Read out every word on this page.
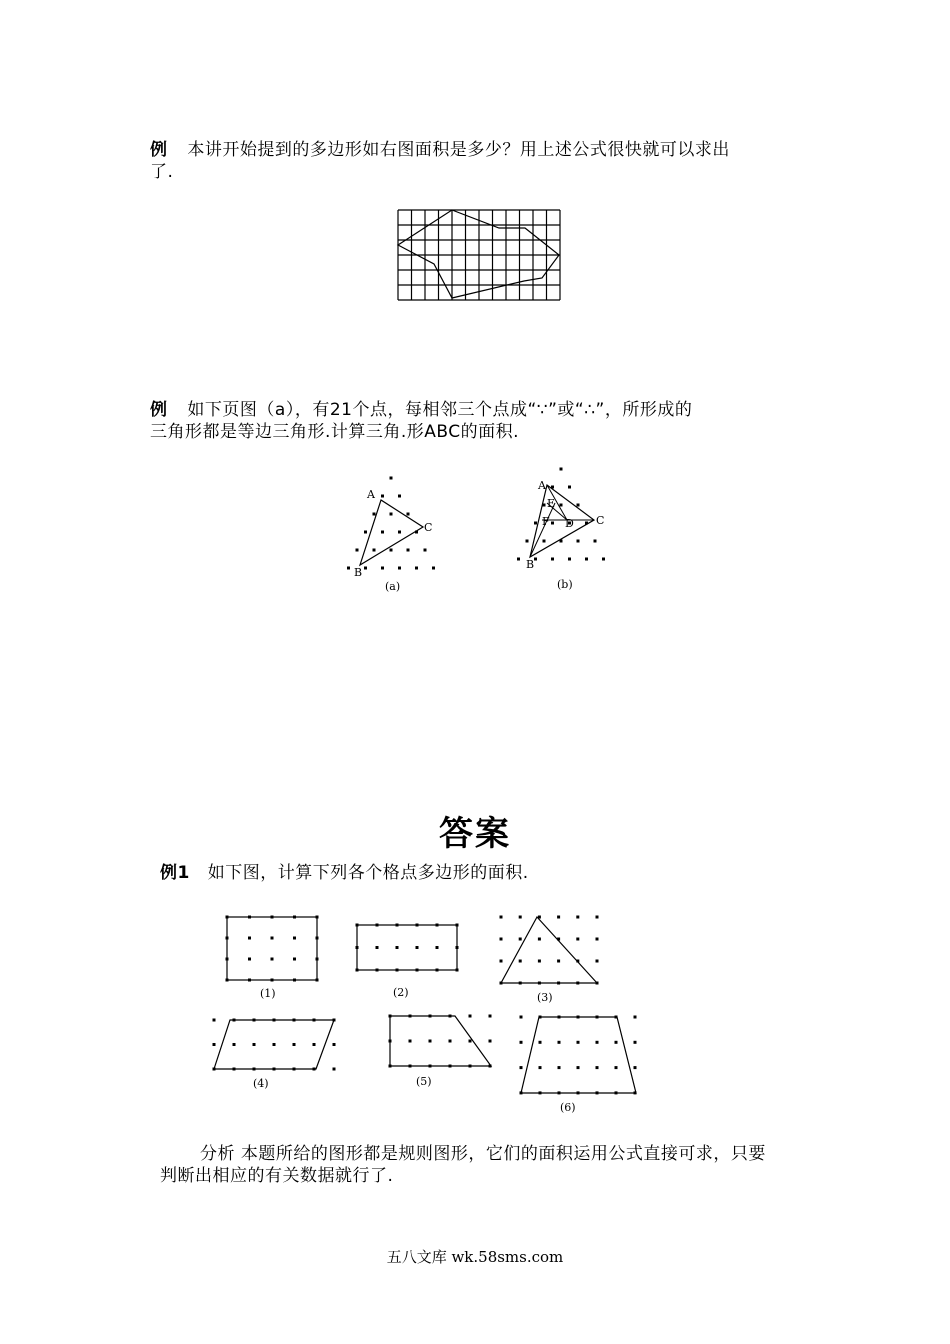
例 本讲开始提到的多边形如右图面积是多少？用上述公式很快就可以求出
了.
例 如下页图（a），有21个点，每相邻三个点成“∵”或“∴”，所形成的
三角形都是等边三角形.计算三角.形ABC的面积.
A
B
C
(a)
A
B
C
D
E
F
(b)
答案
例1 如下图，计算下列各个格点多边形的面积.
(1)	(2)	(3)
(4)	(5)
(6)
分析 本题所给的图形都是规则图形，它们的面积运用公式直接可求，只要
判断出相应的有关数据就行了.
五八文库 wk.58sms.com
